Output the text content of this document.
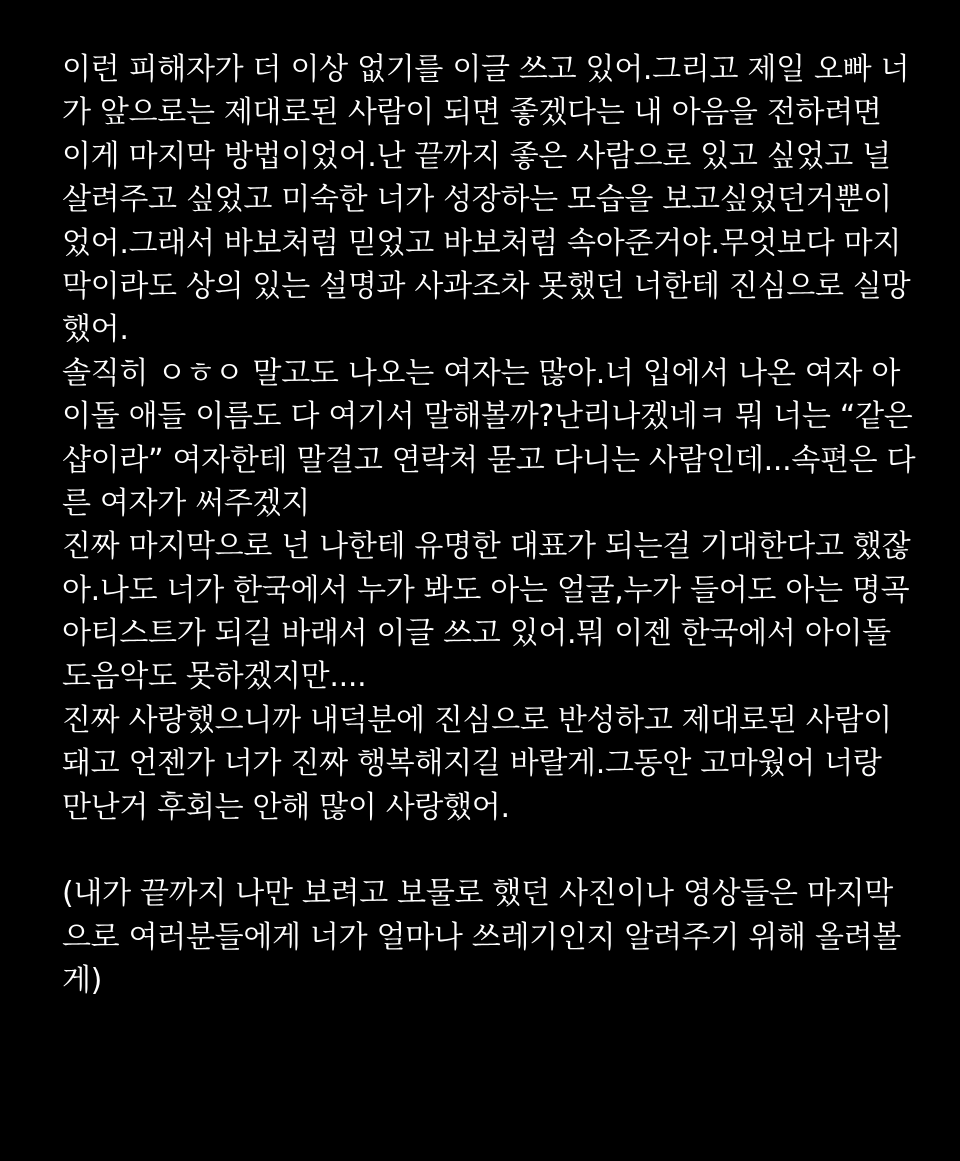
이런 피해자가 더 이상 없기를 이글 쓰고 있어.그리고 제일 오빠 너
가 앞으로는 제대로된 사람이 되면 좋겠다는 내 아음을 전하려면
이게 마지막 방법이었어.난 끝까지 좋은 사람으로 있고 싶었고 널
살려주고 싶었고 미숙한 너가 성장하는 모습을 보고싶었던거뿐이
었어.그래서 바보처럼 믿었고 바보처럼 속아준거야.무엇보다 마지
막이라도 상의 있는 설명과 사과조차 못했던 너한테 진심으로 실망
했어.
솔직히 ㅇㅎㅇ 말고도 나오는 여자는 많아.너 입에서 나온 여자 아
이돌 애들 이름도 다 여기서 말해볼까?난리나겠네ㅋ 뭐 너는 “같은
샵이라” 여자한테 말걸고 연락처 묻고 다니는 사람인데...속편은 다
른 여자가 써주겠지
진짜 마지막으로 넌 나한테 유명한 대표가 되는걸 기대한다고 했잖
아.나도 너가 한국에서 누가 봐도 아는 얼굴,누가 들어도 아는 명곡
아티스트가 되길 바래서 이글 쓰고 있어.뭐 이젠 한국에서 아이돌
도음악도 못하겠지만....
진짜 사랑했으니까 내덕분에 진심으로 반성하고 제대로된 사람이
돼고 언젠가 너가 진짜 행복해지길 바랄게.그동안 고마웠어 너랑
만난거 후회는 안해 많이 사랑했어.
(내가 끝까지 나만 보려고 보물로 했던 사진이나 영상들은 마지막
으로 여러분들에게 너가 얼마나 쓰레기인지 알려주기 위해 올려볼
게)
